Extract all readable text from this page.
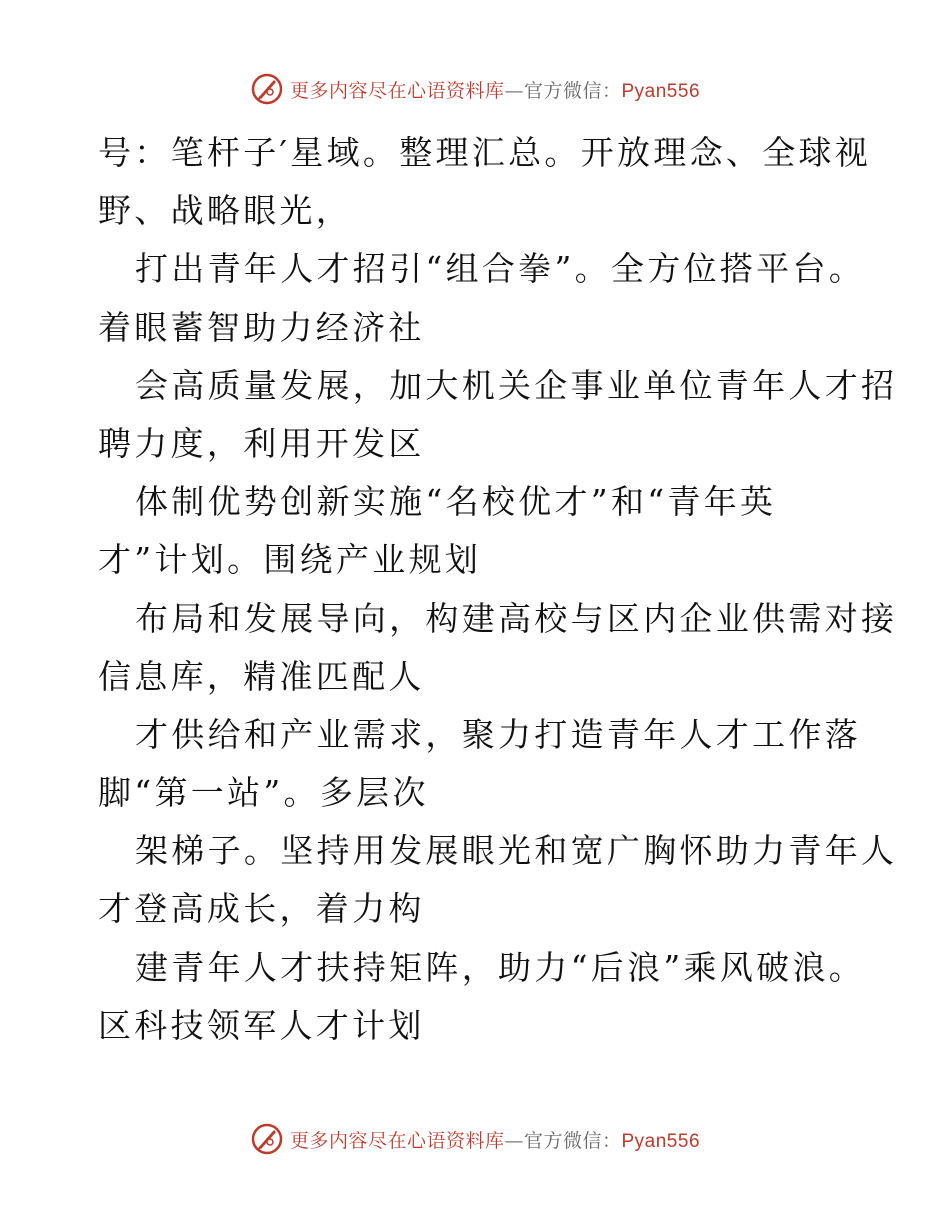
更多内容尽在心语资料库—官方微信：Pyan556
号：笔杆子′星域。整理汇总。开放理念、全球视
野、战略眼光，
打出青年人才招引“组合拳”。全方位搭平台。
着眼蓄智助力经济社
会高质量发展，加大机关企事业单位青年人才招
聘力度，利用开发区
体制优势创新实施“名校优才”和“青年英
才”计划。围绕产业规划
布局和发展导向，构建高校与区内企业供需对接
信息库，精准匹配人
才供给和产业需求，聚力打造青年人才工作落
脚“第一站”。多层次
架梯子。坚持用发展眼光和宽广胸怀助力青年人
才登高成长，着力构
建青年人才扶持矩阵，助力“后浪”乘风破浪。
区科技领军人才计划
更多内容尽在心语资料库—官方微信：Pyan556
